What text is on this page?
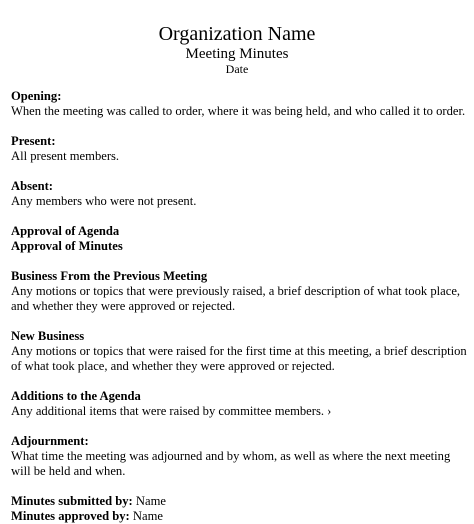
Organization Name
Meeting Minutes
Date
Opening:
When the meeting was called to order, where it was being held, and who called it to order.
Present:
All present members.
Absent:
Any members who were not present.
Approval of Agenda
Approval of Minutes
Business From the Previous Meeting
Any motions or topics that were previously raised, a brief description of what took place, and whether they were approved or rejected.
New Business
Any motions or topics that were raised for the first time at this meeting, a brief description of what took place, and whether they were approved or rejected.
Additions to the Agenda
Any additional items that were raised by committee members. ›
Adjournment:
What time the meeting was adjourned and by whom, as well as where the next meeting will be held and when.
Minutes submitted by: Name
Minutes approved by: Name
